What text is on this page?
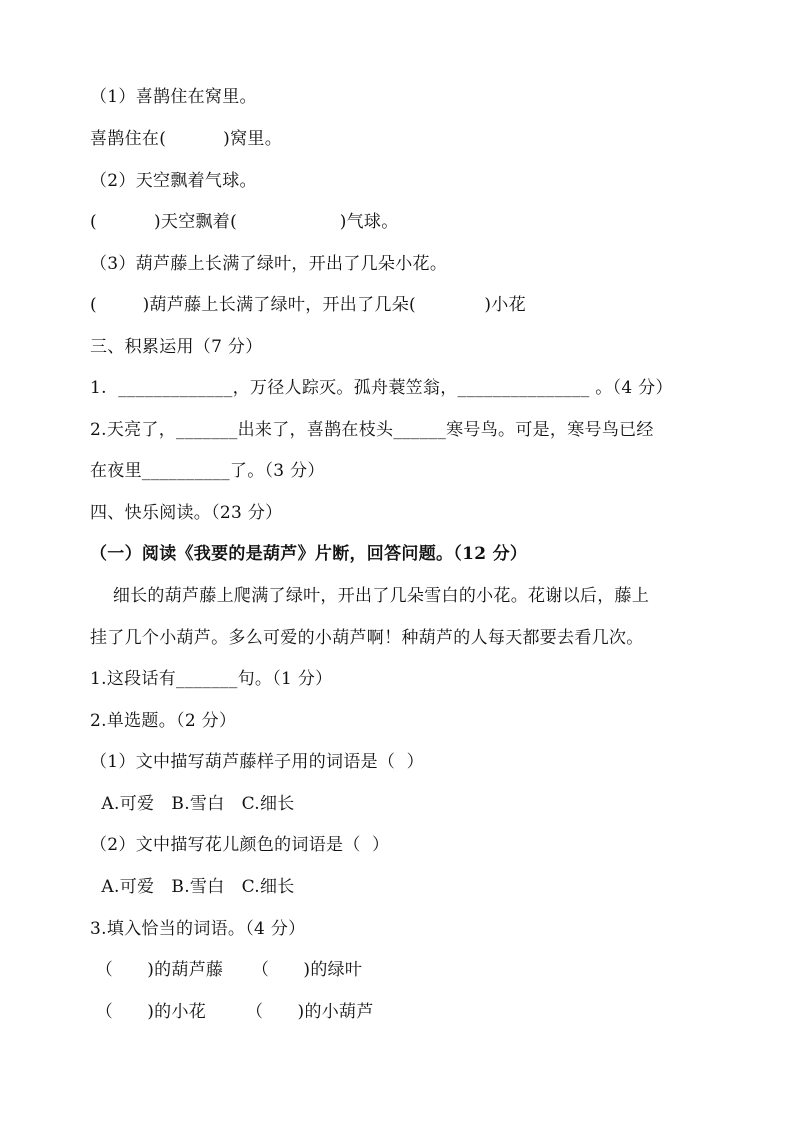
（1）喜鹊住在窝里。
喜鹊住在(          )窝里。
（2）天空飘着气球。
(          )天空飘着(                  )气球。
（3）葫芦藤上长满了绿叶，开出了几朵小花。
(        )葫芦藤上长满了绿叶，开出了几朵(            )小花
三、积累运用（7 分）
1.  _____________，万径人踪灭。孤舟蓑笠翁，_______________ 。（4 分）
2.天亮了，_______出来了，喜鹊在枝头______寒号鸟。可是，寒号鸟已经
在夜里__________了。（3 分）
四、快乐阅读。（23 分）
（一）阅读《我要的是葫芦》片断，回答问题。（12 分）
细长的葫芦藤上爬满了绿叶，开出了几朵雪白的小花。花谢以后，藤上
挂了几个小葫芦。多么可爱的小葫芦啊！种葫芦的人每天都要去看几次。
1.这段话有_______句。（1 分）
2.单选题。（2 分）
（1）文中描写葫芦藤样子用的词语是（  ）
A.可爱   B.雪白   C.细长
（2）文中描写花儿颜色的词语是（  ）
A.可爱   B.雪白   C.细长
3.填入恰当的词语。（4 分）
（      )的葫芦藤     （      )的绿叶
（      )的小花       （      )的小葫芦
